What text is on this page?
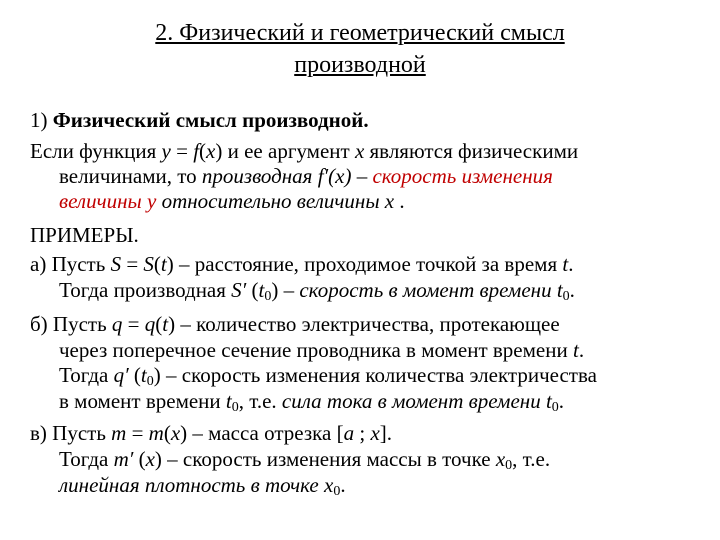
2. Физический и геометрический смысл
производной
1) Физический смысл производной.
Если функция y = f(x) и ее аргумент x являются физическими
величинами, то производная f′(x) – скорость изменения
величины y относительно величины x .
ПРИМЕРЫ.
а) Пусть S = S(t) – расстояние, проходимое точкой за время t.
Тогда производная S′ $(t_0)$ – скорость в момент времени $t_0$.
б) Пусть q = q(t) – количество электричества, протекающее
через поперечное сечение проводника в момент времени t.
Тогда q′ $(t_0)$ – скорость изменения количества электричества
в момент времени $t_0$, т.е. сила тока в момент времени $t_0$.
в) Пусть m = m(x) – масса отрезка [a ; x].
Тогда m′ (x) – скорость изменения массы в точке $x_0$, т.е.
линейная плотность в точке $x_0$.
